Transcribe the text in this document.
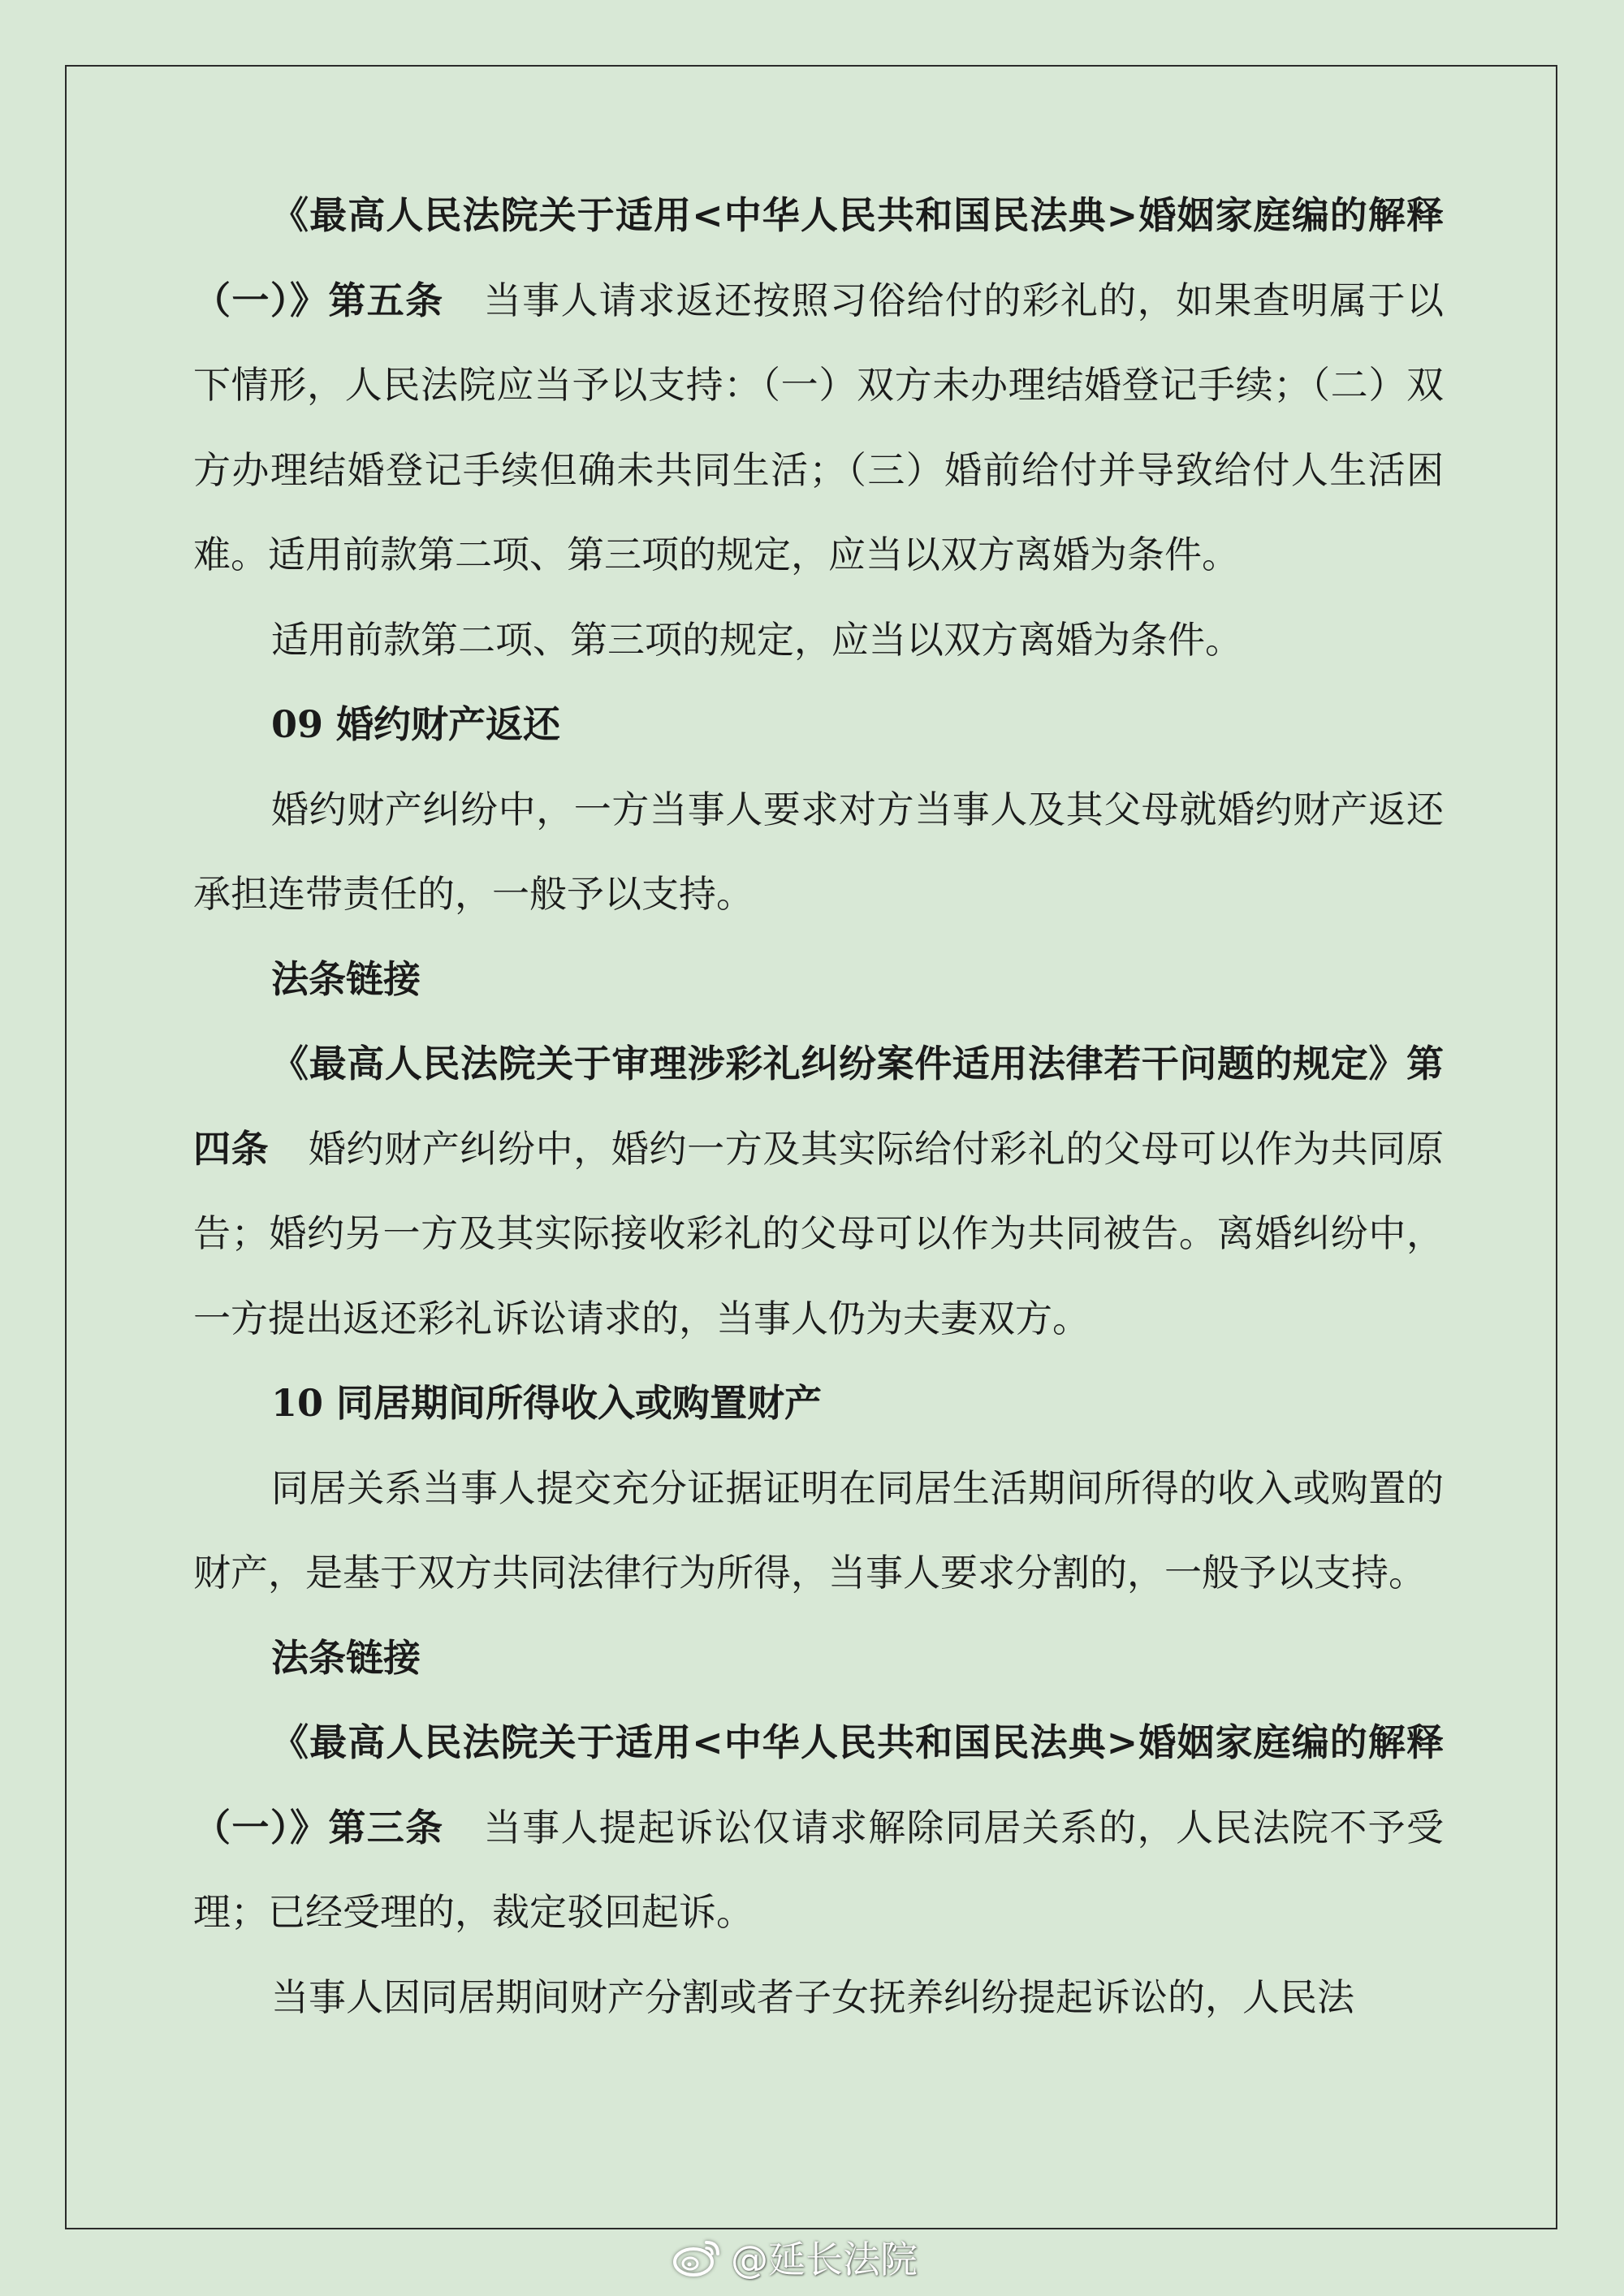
《最高人民法院关于适用<中华人民共和国民法典>婚姻家庭编的解释（一）》第五条 当事人请求返还按照习俗给付的彩礼的，如果查明属于以下情形，人民法院应当予以支持：（一）双方未办理结婚登记手续；（二）双方办理结婚登记手续但确未共同生活；（三）婚前给付并导致给付人生活困难。适用前款第二项、第三项的规定，应当以双方离婚为条件。

适用前款第二项、第三项的规定，应当以双方离婚为条件。

09 婚约财产返还

婚约财产纠纷中，一方当事人要求对方当事人及其父母就婚约财产返还承担连带责任的，一般予以支持。

法条链接

《最高人民法院关于审理涉彩礼纠纷案件适用法律若干问题的规定》第四条 婚约财产纠纷中，婚约一方及其实际给付彩礼的父母可以作为共同原告；婚约另一方及其实际接收彩礼的父母可以作为共同被告。离婚纠纷中，一方提出返还彩礼诉讼请求的，当事人仍为夫妻双方。

10 同居期间所得收入或购置财产

同居关系当事人提交充分证据证明在同居生活期间所得的收入或购置的财产，是基于双方共同法律行为所得，当事人要求分割的，一般予以支持。

法条链接

《最高人民法院关于适用<中华人民共和国民法典>婚姻家庭编的解释（一）》第三条 当事人提起诉讼仅请求解除同居关系的，人民法院不予受理；已经受理的，裁定驳回起诉。

当事人因同居期间财产分割或者子女抚养纠纷提起诉讼的，人民法

@延长法院
